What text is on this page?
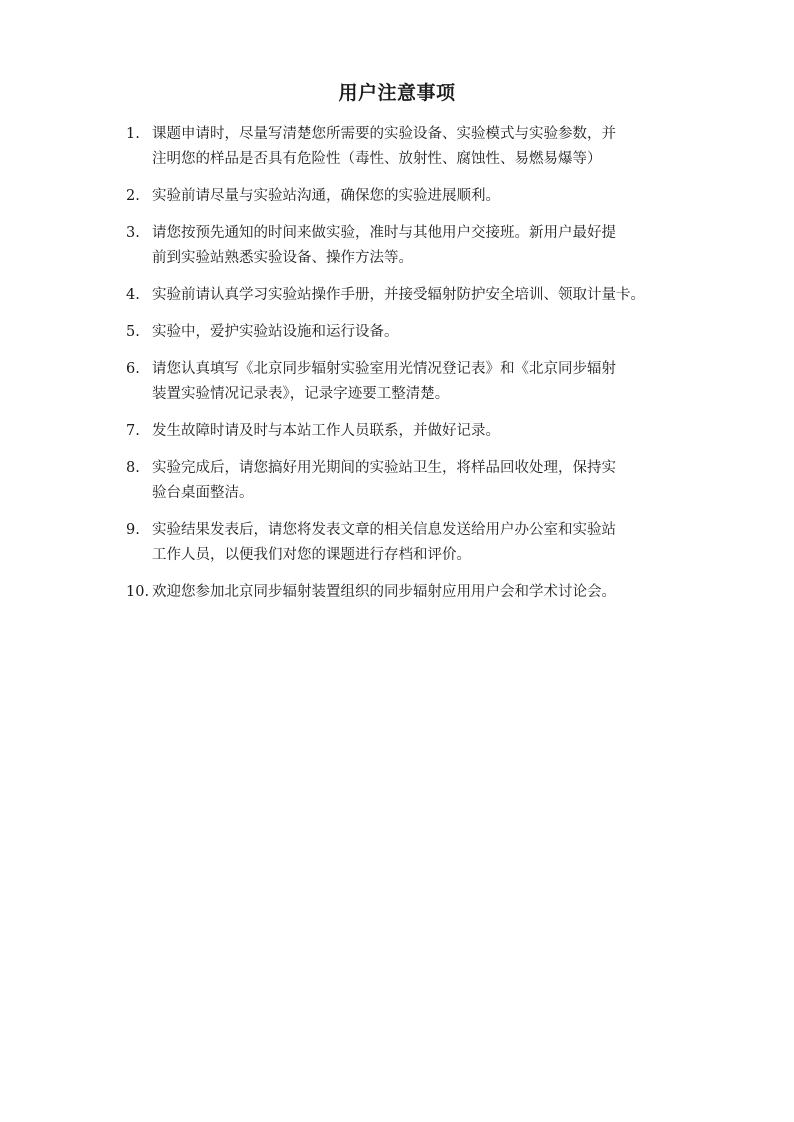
用户注意事项
1. 课题申请时，尽量写清楚您所需要的实验设备、实验模式与实验参数，并
注明您的样品是否具有危险性（毒性、放射性、腐蚀性、易燃易爆等）
2. 实验前请尽量与实验站沟通，确保您的实验进展顺利。
3. 请您按预先通知的时间来做实验，准时与其他用户交接班。新用户最好提
前到实验站熟悉实验设备、操作方法等。
4. 实验前请认真学习实验站操作手册，并接受辐射防护安全培训、领取计量卡。
5. 实验中，爱护实验站设施和运行设备。
6. 请您认真填写《北京同步辐射实验室用光情况登记表》和《北京同步辐射
装置实验情况记录表》，记录字迹要工整清楚。
7. 发生故障时请及时与本站工作人员联系，并做好记录。
8. 实验完成后，请您搞好用光期间的实验站卫生，将样品回收处理，保持实
验台桌面整洁。
9. 实验结果发表后，请您将发表文章的相关信息发送给用户办公室和实验站
工作人员，以便我们对您的课题进行存档和评价。
10. 欢迎您参加北京同步辐射装置组织的同步辐射应用用户会和学术讨论会。
